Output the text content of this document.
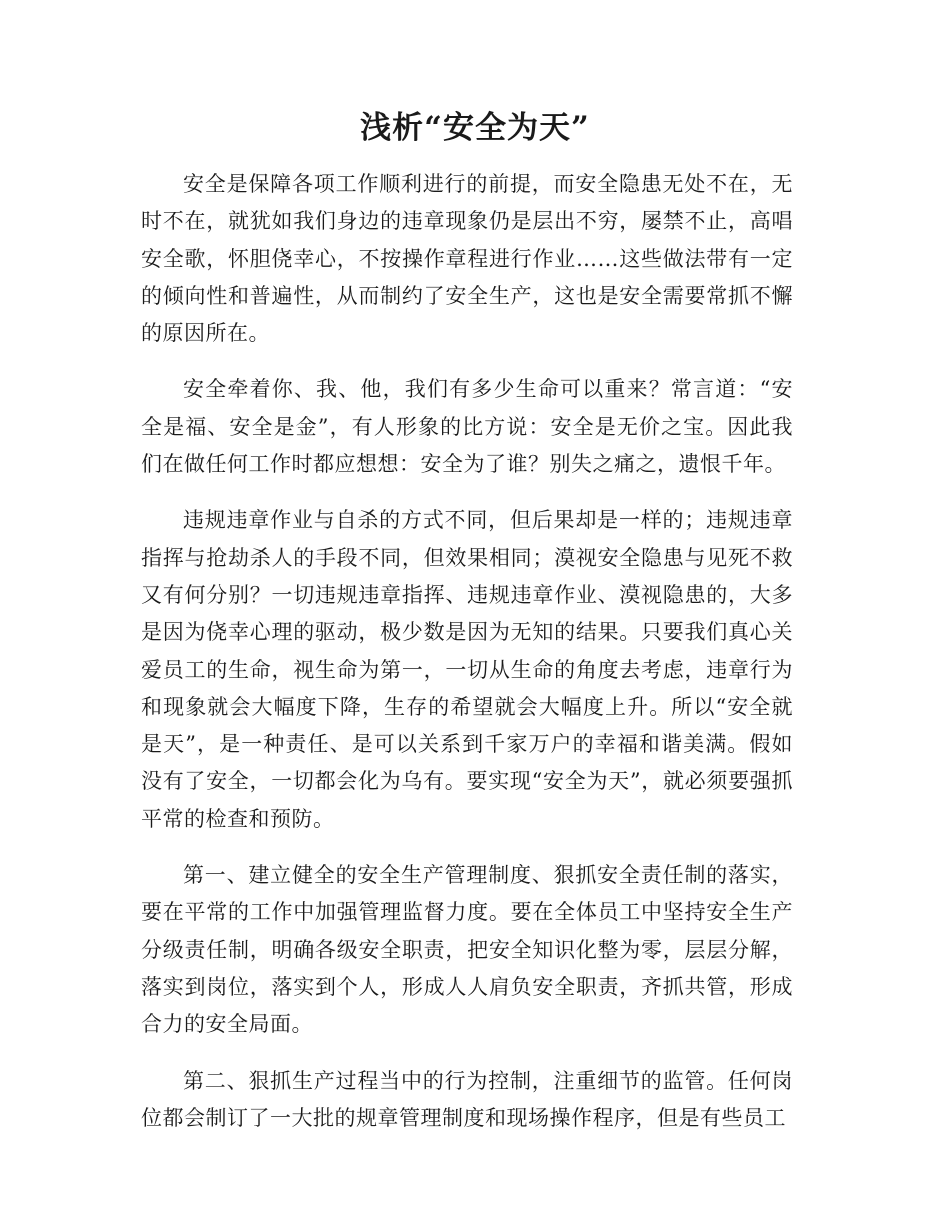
浅析“安全为天”

安全是保障各项工作顺利进行的前提，而安全隐患无处不在，无时不在，就犹如我们身边的违章现象仍是层出不穷，屡禁不止，高唱安全歌，怀胆侥幸心，不按操作章程进行作业……这些做法带有一定的倾向性和普遍性，从而制约了安全生产，这也是安全需要常抓不懈的原因所在。

安全牵着你、我、他，我们有多少生命可以重来？常言道：“安全是福、安全是金”，有人形象的比方说：安全是无价之宝。因此我们在做任何工作时都应想想：安全为了谁？别失之痛之，遗恨千年。

违规违章作业与自杀的方式不同，但后果却是一样的；违规违章指挥与抢劫杀人的手段不同，但效果相同；漠视安全隐患与见死不救又有何分别？一切违规违章指挥、违规违章作业、漠视隐患的，大多是因为侥幸心理的驱动，极少数是因为无知的结果。只要我们真心关爱员工的生命，视生命为第一，一切从生命的角度去考虑，违章行为和现象就会大幅度下降，生存的希望就会大幅度上升。所以“安全就是天”，是一种责任、是可以关系到千家万户的幸福和谐美满。假如没有了安全，一切都会化为乌有。要实现“安全为天”，就必须要强抓平常的检查和预防。

第一、建立健全的安全生产管理制度、狠抓安全责任制的落实，要在平常的工作中加强管理监督力度。要在全体员工中坚持安全生产分级责任制，明确各级安全职责，把安全知识化整为零，层层分解，落实到岗位，落实到个人，形成人人肩负安全职责，齐抓共管，形成合力的安全局面。

第二、狠抓生产过程当中的行为控制，注重细节的监管。任何岗位都会制订了一大批的规章管理制度和现场操作程序，但是有些员工
